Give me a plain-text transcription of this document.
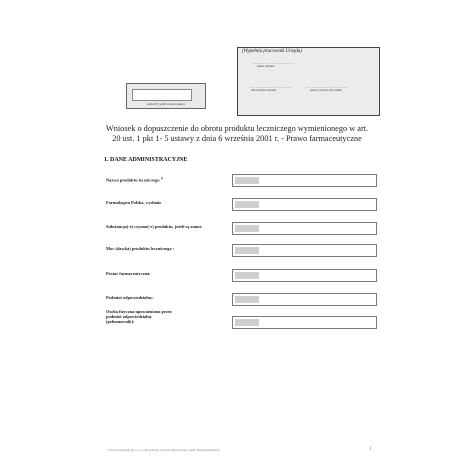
(Wypełnia pracownik Urzędu)
…………………………
numer wniosku
…………………………	…………………………
data złożenia wniosku	podpis i pieczęć pracownika
kod ATC jeżeli został nadany
Wniosek o dopuszczenie do obrotu produktu leczniczego wymienionego w art. 20 ust. 1 pkt 1- 5 ustawy z dnia 6 września 2001 r. - Prawo farmaceutyczne
1. DANE ADMINISTRACYJNE
Nazwa produktu leczniczego $^{1)}$
Farmakopea Polska, wydanie
Substancja(-e) czynna(-e) produktu, jeżeli są znane
Moc (dawka) produktu leczniczego :
Postać farmaceutyczna:
Podmiot odpowiedzialny:
Osoba fizyczna upoważniona przez podmiot odpowiedzialny (pełnomocnik):
© www.rpsystem.pl Sp. z o.o., plik pobrany ze strony internetowej, e-mail: biuro@rpsystem.pl	1
